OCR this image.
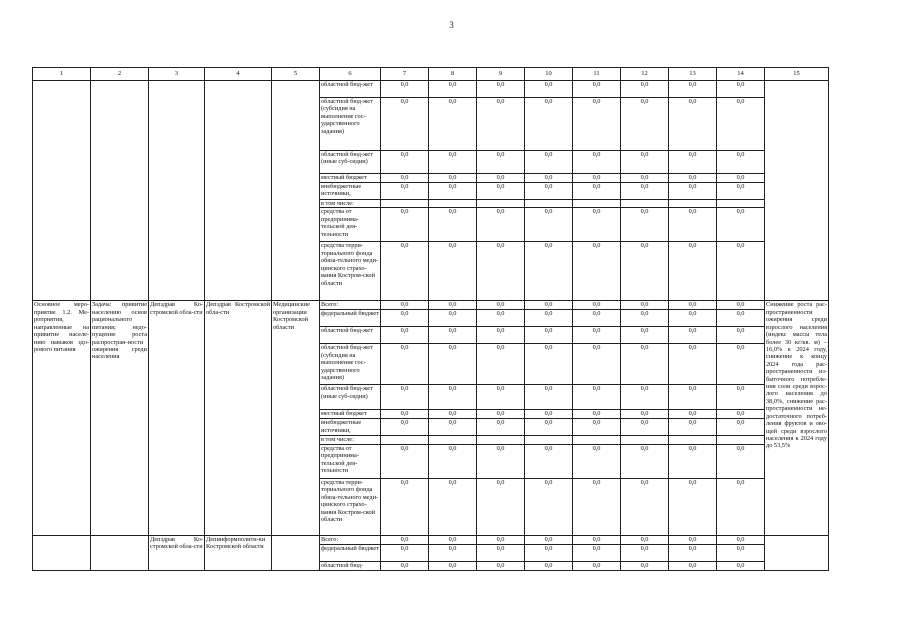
3
1	2	3	4	5	6	7	8	9	10	11	12	13	14	15
					областной бюд-жет	0,0	0,0	0,0	0,0	0,0	0,0	0,0	0,0	
					областной бюд-жет (субсидия на выполнение гос-ударственного задания)	0,0	0,0	0,0	0,0	0,0	0,0	0,0	0,0	
					областной бюд-жет (иные суб-сидии)	0,0	0,0	0,0	0,0	0,0	0,0	0,0	0,0	
					местный бюджет	0,0	0,0	0,0	0,0	0,0	0,0	0,0	0,0	
					внебюджетные источники,	0,0	0,0	0,0	0,0	0,0	0,0	0,0	0,0	
					в том числе:									
					средства от предпринима-тельской дея-тельности	0,0	0,0	0,0	0,0	0,0	0,0	0,0	0,0	
					средства терри-ториального фонда обяза-тельного меди-цинского страхо-вания Костром-ской области	0,0	0,0	0,0	0,0	0,0	0,0	0,0	0,0	
Основное меро-приятие 1.2. Ме-роприятия, направленные на привитие населе-нию навыков здо-рового питания	Задача: привитие населению основ рационального питания; недо-пущение роста распростран-ности ожирения среди населения	Депздрав Ко-стромской обла-сти	Депздрав Костромской обла-сти	Медицинские организации Костромской области	Всего:	0,0	0,0	0,0	0,0	0,0	0,0	0,0	0,0	Снижение роста рас-пространенности ожирения среди взрослого населения (индекс массы тела более 30 кг/кв. м) – 16,0% к 2024 году, снижение к концу 2024 года рас-пространенности из-быточного потребле-ния соли среди взрос-лого населения до 38,0%, снижение рас-пространенности не-достаточного потреб-ления фруктов и ово-щей среди взрослого населения к 2024 году до 53,5%
					федеральный бюджет	0,0	0,0	0,0	0,0	0,0	0,0	0,0	0,0	
					областной бюд-жет	0,0	0,0	0,0	0,0	0,0	0,0	0,0	0,0	
					областной бюд-жет (субсидия на выполнение гос-ударственного задания)	0,0	0,0	0,0	0,0	0,0	0,0	0,0	0,0	
					областной бюд-жет (иные суб-сидии)	0,0	0,0	0,0	0,0	0,0	0,0	0,0	0,0	
					местный бюджет	0,0	0,0	0,0	0,0	0,0	0,0	0,0	0,0	
					внебюджетные источники,	0,0	0,0	0,0	0,0	0,0	0,0	0,0	0,0	
					в том числе:									
					средства от предпринима-тельской дея-тельности	0,0	0,0	0,0	0,0	0,0	0,0	0,0	0,0	
					средства терри-ториального фонда обяза-тельного меди-цинского страхо-вания Костром-ской области	0,0	0,0	0,0	0,0	0,0	0,0	0,0	0,0	
		Депздрав Ко-стромской обла-сти	Депинформполити-ки Костромской области		Всего:	0,0	0,0	0,0	0,0	0,0	0,0	0,0	0,0	
					федеральный бюджет	0,0	0,0	0,0	0,0	0,0	0,0	0,0	0,0	
					областной бюд-	0,0	0,0	0,0	0,0	0,0	0,0	0,0	0,0	
